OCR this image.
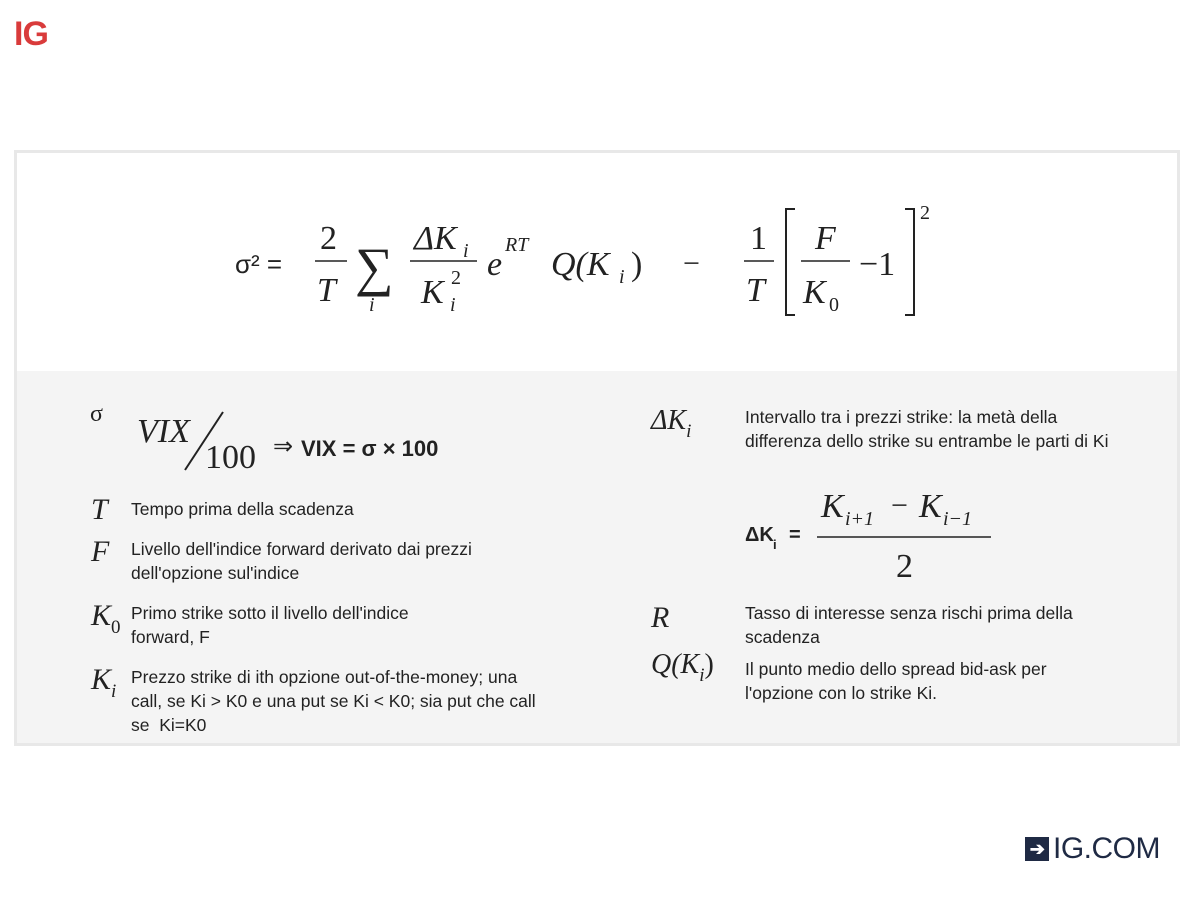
IG
σ² =
2
T ∑
i
ΔK i
K 2
i
e
RT
Q(K i ) −
1
T
F
K 0
−1
2
σ VIX
100 ⇒ VIX = σ × 100
T Tempo prima della scadenza
F Livello dell'indice forward derivato dai prezzi
dell'opzione sul'indice
$K_0$
Primo strike sotto il livello dell'indice
forward, F
$K_i$
Prezzo strike di ith opzione out-of-the-money; una
call, se Ki > K0 e una put se Ki < K0; sia put che call
se  Ki=K0
$\Delta K_i$
Intervallo tra i prezzi strike: la metà della
differenza dello strike su entrambe le parti di Ki
ΔK i =
K i+1 − K i−1
2
R	Tasso di interesse senza rischi prima della
scadenza
$Q(K_i)$ Il punto medio dello spread bid-ask per
l'opzione con lo strike Ki.
➔ IG.COM
